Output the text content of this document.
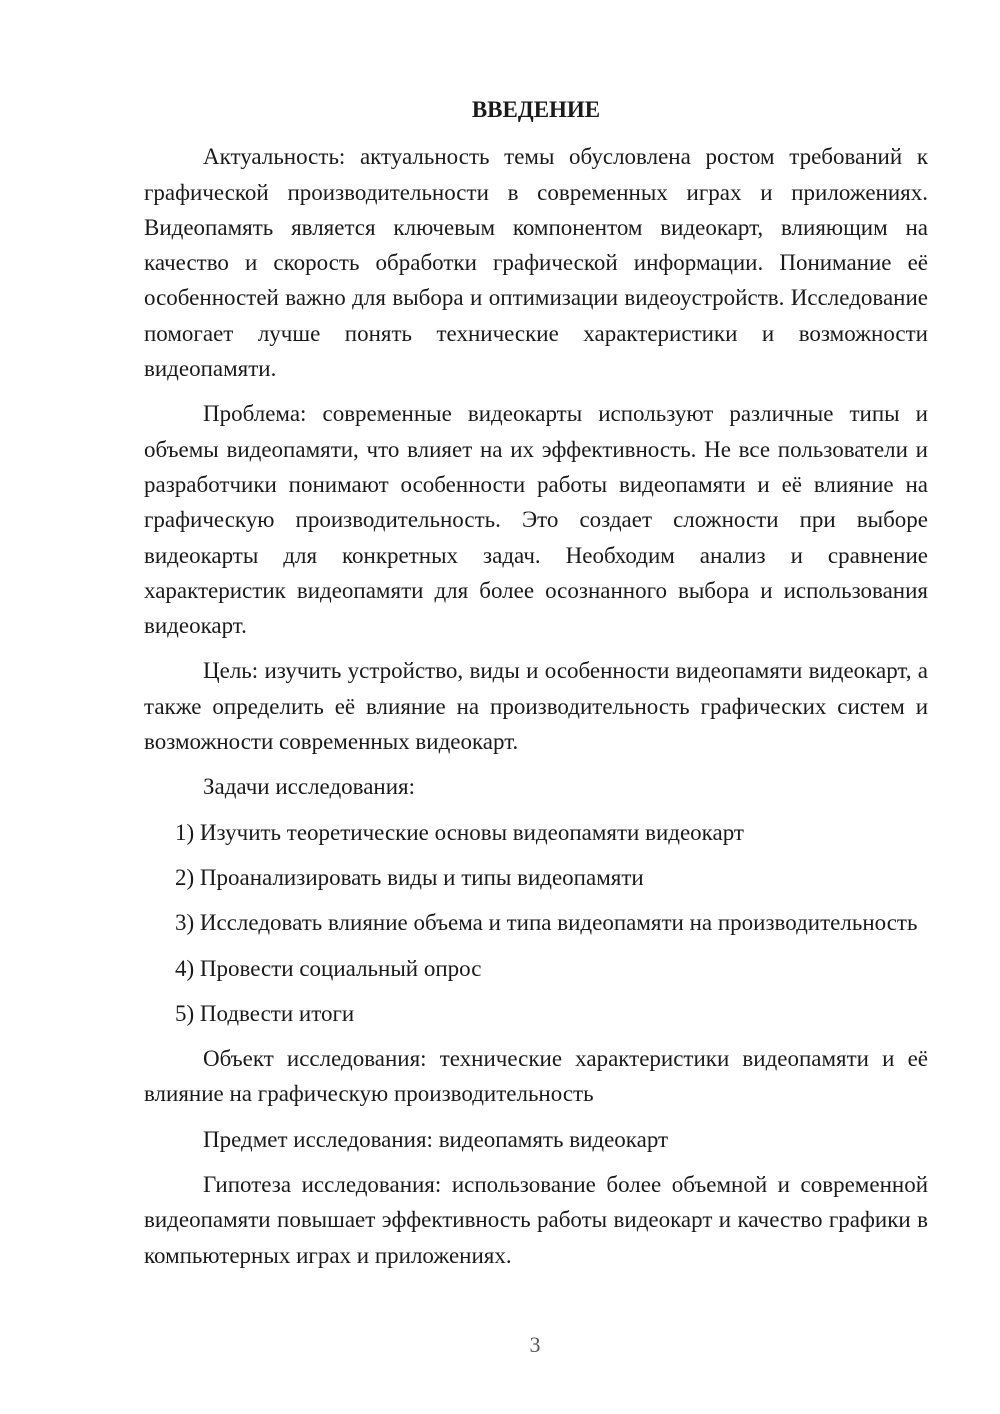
ВВЕДЕНИЕ

Актуальность: актуальность темы обусловлена ростом требований к графической производительности в современных играх и приложениях. Видеопамять является ключевым компонентом видеокарт, влияющим на качество и скорость обработки графической информации. Понимание её особенностей важно для выбора и оптимизации видеоустройств. Исследование помогает лучше понять технические характеристики и возможности видеопамяти.

Проблема: современные видеокарты используют различные типы и объемы видеопамяти, что влияет на их эффективность. Не все пользователи и разработчики понимают особенности работы видеопамяти и её влияние на графическую производительность. Это создает сложности при выборе видеокарты для конкретных задач. Необходим анализ и сравнение характеристик видеопамяти для более осознанного выбора и использования видеокарт.

Цель: изучить устройство, виды и особенности видеопамяти видеокарт, а также определить её влияние на производительность графических систем и возможности современных видеокарт.

Задачи исследования:

1) Изучить теоретические основы видеопамяти видеокарт

2) Проанализировать виды и типы видеопамяти

3) Исследовать влияние объема и типа видеопамяти на производительность

4) Провести социальный опрос

5) Подвести итоги

Объект исследования: технические характеристики видеопамяти и её влияние на графическую производительность

Предмет исследования: видеопамять видеокарт

Гипотеза исследования: использование более объемной и современной видеопамяти повышает эффективность работы видеокарт и качество графики в компьютерных играх и приложениях.

3
